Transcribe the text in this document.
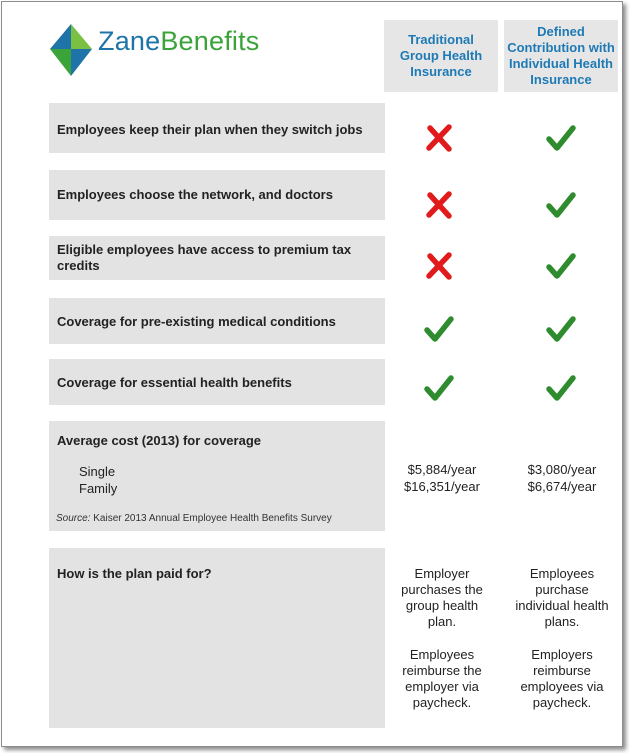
ZaneBenefits	Traditional Group Health Insurance
Defined Contribution with Individual Health Insurance
Employees keep their plan when they switch jobs
Employees choose the network, and doctors
Eligible employees have access to premium tax credits
Coverage for pre-existing medical conditions
Coverage for essential health benefits
Average cost (2013) for coverage
Single
Family
Source: Kaiser 2013 Annual Employee Health Benefits Survey
$5,884/year
$16,351/year
$3,080/year
$6,674/year
How is the plan paid for?	Employer purchases the group health plan.
Employees reimburse the employer via paycheck.
Employees purchase individual health plans.
Employers reimburse employees via paycheck.
